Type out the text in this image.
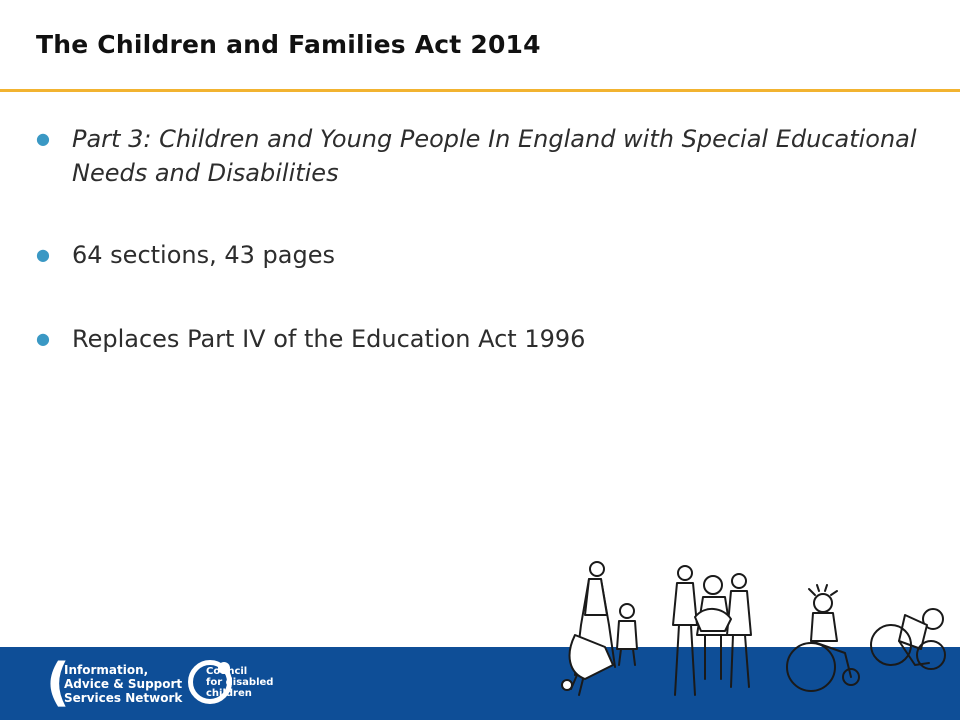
The Children and Families Act 2014
● Part 3: Children and Young People In England with Special Educational Needs and Disabilities
● 64 sections, 43 pages
● Replaces Part IV of the Education Act 1996
(
Information,
Advice & Support
Services Network
Council
for disabled
children
